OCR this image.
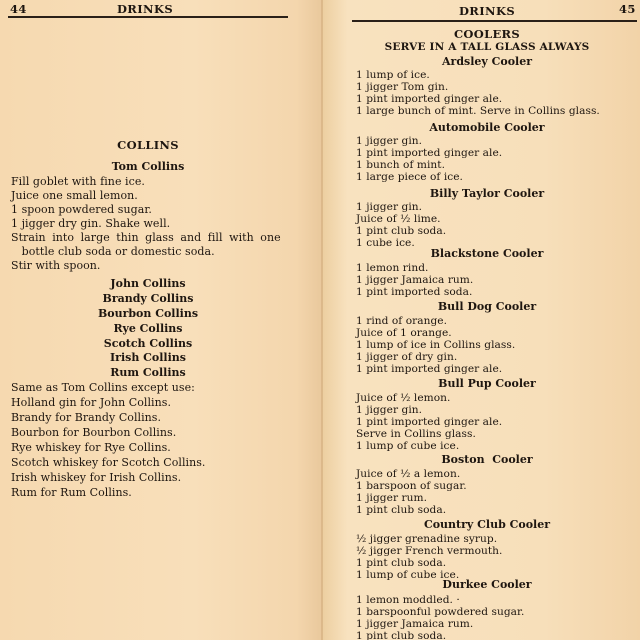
44	DRINKS
COLLINS
Tom Collins
Fill goblet with fine ice.
Juice one small lemon.
1 spoon powdered sugar.
1 jigger dry gin. Shake well.
Strain into large thin glass and fill with one
bottle club soda or domestic soda.
Stir with spoon.
John Collins
Brandy Collins
Bourbon Collins
Rye Collins
Scotch Collins
Irish Collins
Rum Collins
Same as Tom Collins except use:
Holland gin for John Collins.
Brandy for Brandy Collins.
Bourbon for Bourbon Collins.
Rye whiskey for Rye Collins.
Scotch whiskey for Scotch Collins.
Irish whiskey for Irish Collins.
Rum for Rum Collins.
DRINKS	45
COOLERS
SERVE IN A TALL GLASS ALWAYS
Ardsley Cooler
1 lump of ice.
1 jigger Tom gin.
1 pint imported ginger ale.
1 large bunch of mint. Serve in Collins glass.
Automobile Cooler
1 jigger gin.
1 pint imported ginger ale.
1 bunch of mint.
1 large piece of ice.
Billy Taylor Cooler
1 jigger gin.
Juice of ½ lime.
1 pint club soda.
1 cube ice.
Blackstone Cooler
1 lemon rind.
1 jigger Jamaica rum.
1 pint imported soda.
Bull Dog Cooler
1 rind of orange.
Juice of 1 orange.
1 lump of ice in Collins glass.
1 jigger of dry gin.
1 pint imported ginger ale.
Bull Pup Cooler
Juice of ½ lemon.
1 jigger gin.
1 pint imported ginger ale.
Serve in Collins glass.
1 lump of cube ice.
Boston  Cooler
Juice of ½ a lemon.
1 barspoon of sugar.
1 jigger rum.
1 pint club soda.
Country Club Cooler
½ jigger grenadine syrup.
½ jigger French vermouth.
1 pint club soda.
1 lump of cube ice.
Durkee Cooler
1 lemon moddled. ·
1 barspoonful powdered sugar.
1 jigger Jamaica rum.
1 pint club soda.
